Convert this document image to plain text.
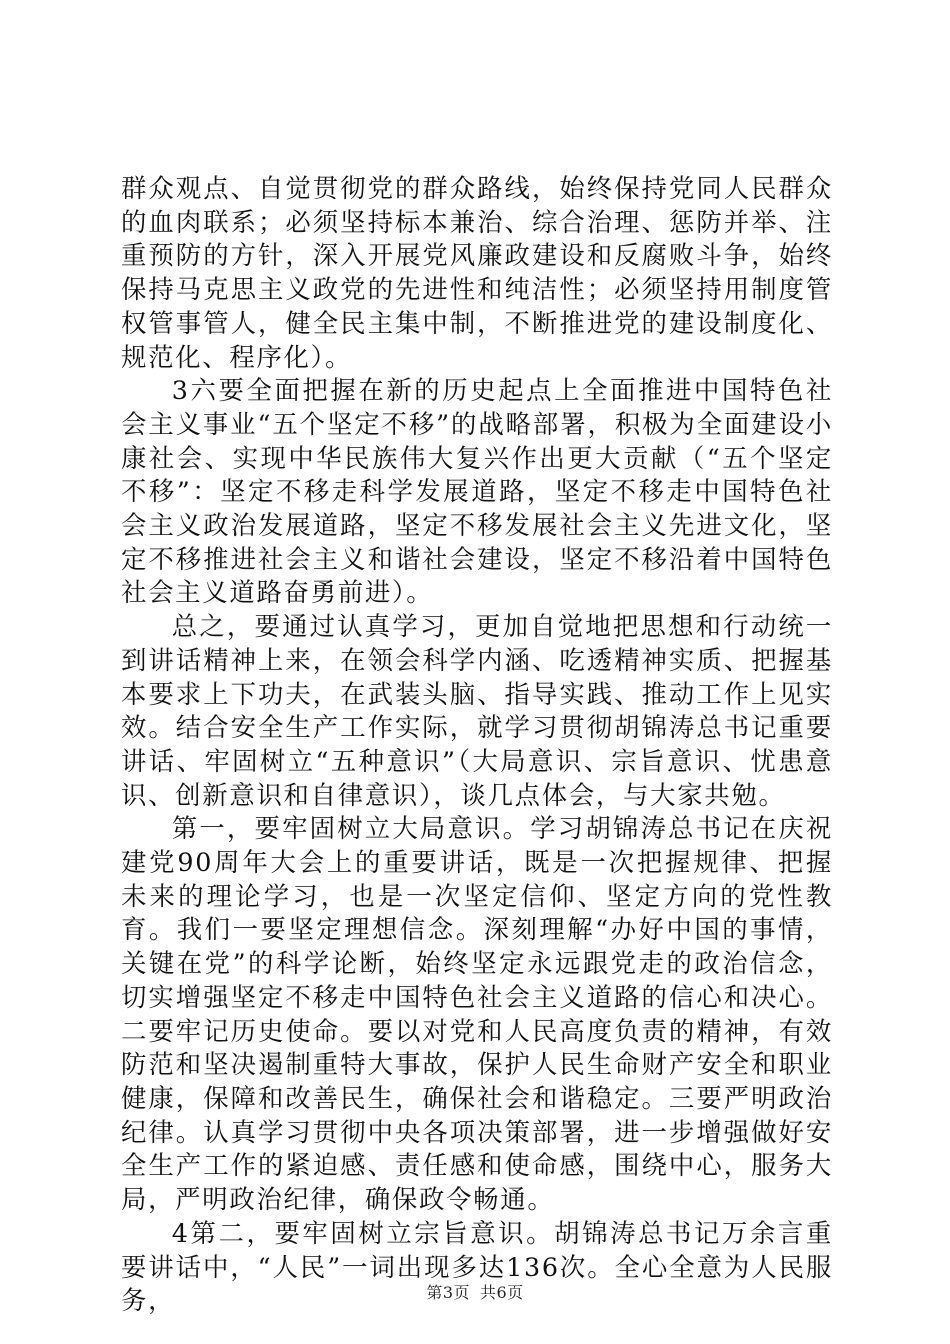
群众观点、自觉贯彻党的群众路线，始终保持党同人民群众的血肉联系；必须坚持标本兼治、综合治理、惩防并举、注重预防的方针，深入开展党风廉政建设和反腐败斗争，始终保持马克思主义政党的先进性和纯洁性；必须坚持用制度管权管事管人，健全民主集中制，不断推进党的建设制度化、规范化、程序化）。

3六要全面把握在新的历史起点上全面推进中国特色社会主义事业“五个坚定不移”的战略部署，积极为全面建设小康社会、实现中华民族伟大复兴作出更大贡献（“五个坚定不移”：坚定不移走科学发展道路，坚定不移走中国特色社会主义政治发展道路，坚定不移发展社会主义先进文化，坚定不移推进社会主义和谐社会建设，坚定不移沿着中国特色社会主义道路奋勇前进）。

总之，要通过认真学习，更加自觉地把思想和行动统一到讲话精神上来，在领会科学内涵、吃透精神实质、把握基本要求上下功夫，在武装头脑、指导实践、推动工作上见实效。结合安全生产工作实际，就学习贯彻胡锦涛总书记重要讲话、牢固树立“五种意识”（大局意识、宗旨意识、忧患意识、创新意识和自律意识），谈几点体会，与大家共勉。

第一，要牢固树立大局意识。学习胡锦涛总书记在庆祝建党90周年大会上的重要讲话，既是一次把握规律、把握未来的理论学习，也是一次坚定信仰、坚定方向的党性教育。我们一要坚定理想信念。深刻理解“办好中国的事情，关键在党”的科学论断，始终坚定永远跟党走的政治信念，切实增强坚定不移走中国特色社会主义道路的信心和决心。二要牢记历史使命。要以对党和人民高度负责的精神，有效防范和坚决遏制重特大事故，保护人民生命财产安全和职业健康，保障和改善民生，确保社会和谐稳定。三要严明政治纪律。认真学习贯彻中央各项决策部署，进一步增强做好安全生产工作的紧迫感、责任感和使命感，围绕中心，服务大局，严明政治纪律，确保政令畅通。

4第二，要牢固树立宗旨意识。胡锦涛总书记万余言重要讲话中，“人民”一词出现多达136次。全心全意为人民服务，	第3页 共6页
